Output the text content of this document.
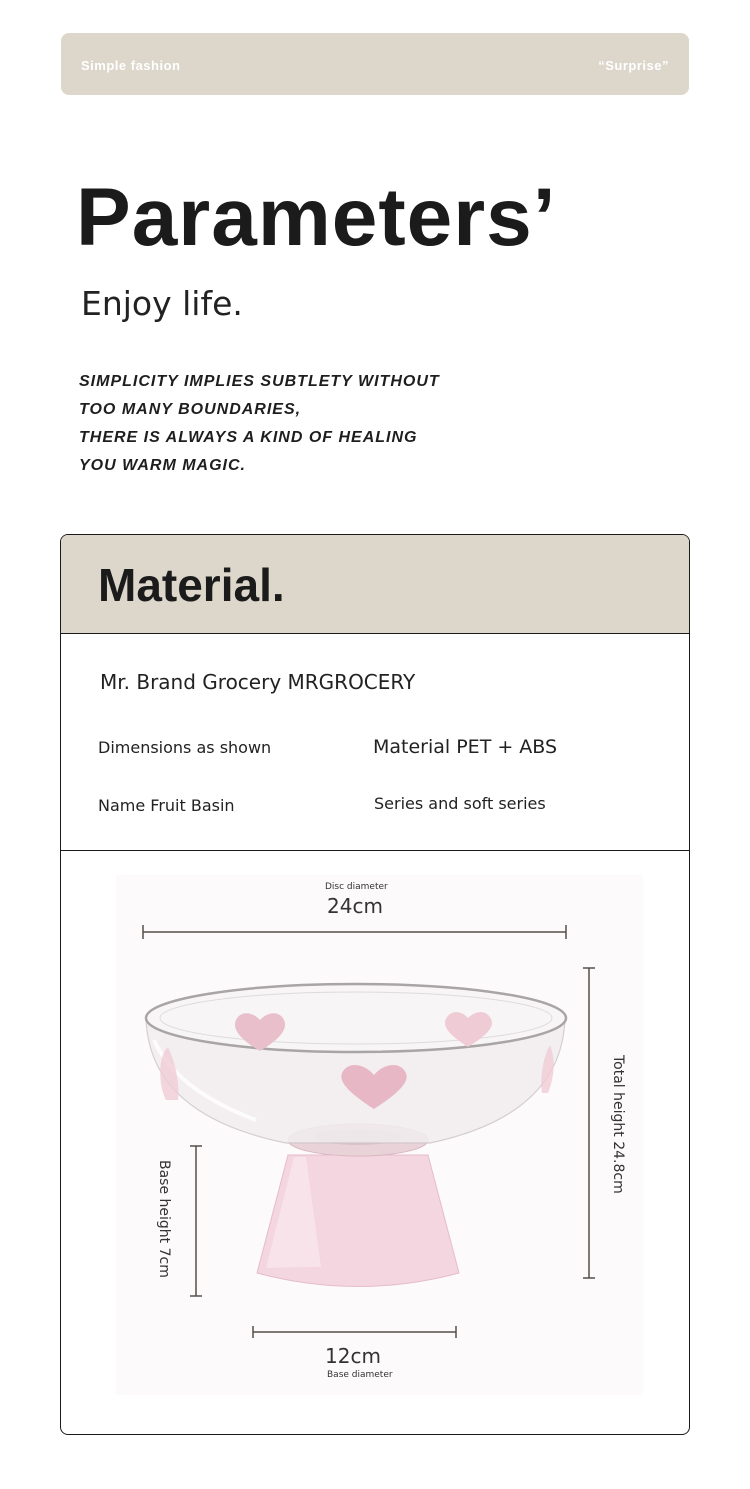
Simple fashion	“Surprise”
Parameters’
Enjoy life.
SIMPLICITY IMPLIES SUBTLETY WITHOUT
TOO MANY BOUNDARIES,
THERE IS ALWAYS A KIND OF HEALING
YOU WARM MAGIC.
Material.
Mr. Brand Grocery MRGROCERY
Dimensions as shown	Material PET + ABS
Name Fruit Basin	Series and soft series
Disc diameter
24cm
Total height 24.8cm
Base height 7cm
12cm
Base diameter
